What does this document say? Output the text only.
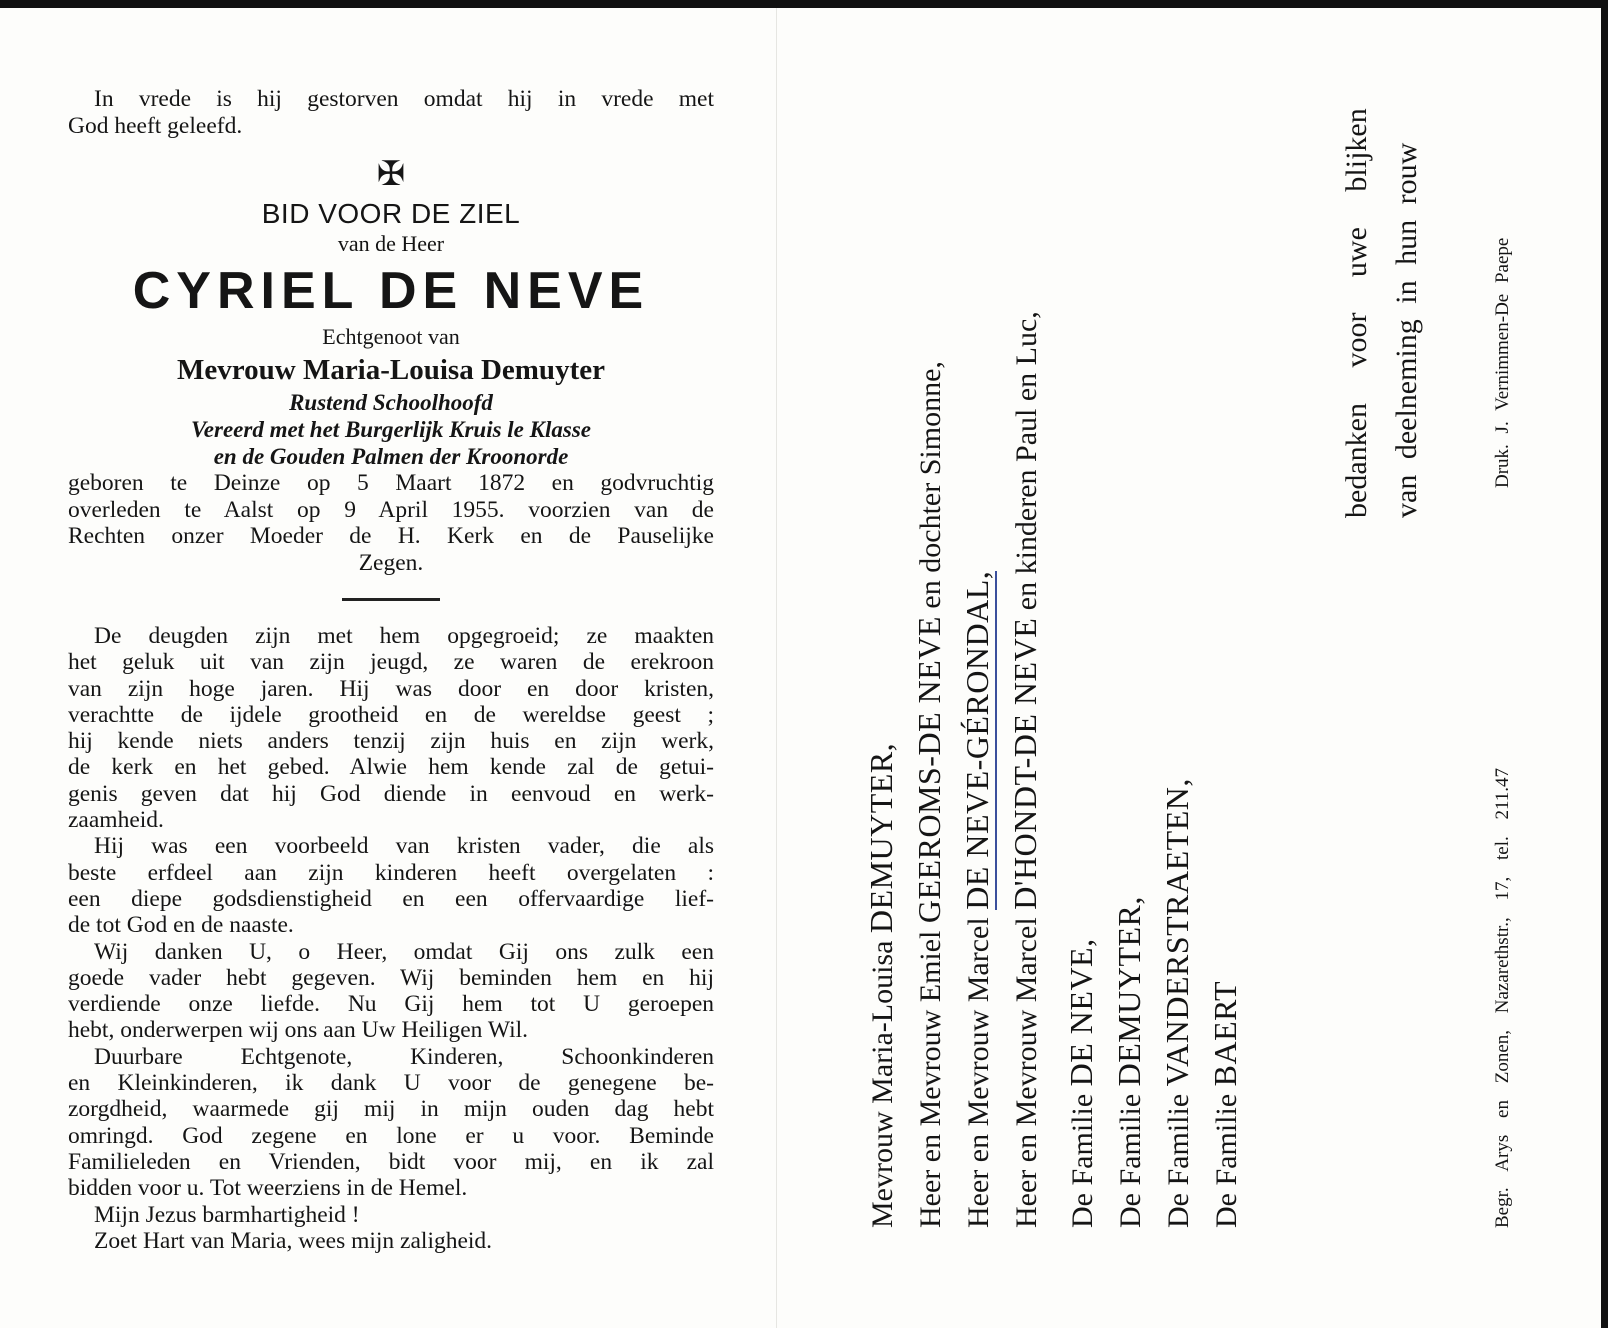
In vrede is hij gestorven omdat hij in vrede met
God heeft geleefd.
✠
BID VOOR DE ZIEL
van de Heer
CYRIEL DE NEVE
Echtgenoot van
Mevrouw Maria-Louisa Demuyter
Rustend Schoolhoofd
Vereerd met het Burgerlijk Kruis le Klasse
en de Gouden Palmen der Kroonorde
geboren te Deinze op 5 Maart 1872 en godvruchtig
overleden te Aalst op 9 April 1955. voorzien van de
Rechten onzer Moeder de H. Kerk en de Pauselijke
Zegen.
De deugden zijn met hem opgegroeid; ze maakten
het geluk uit van zijn jeugd, ze waren de erekroon
van zijn hoge jaren. Hij was door en door kristen,
verachtte de ijdele grootheid en de wereldse geest ;
hij kende niets anders tenzij zijn huis en zijn werk,
de kerk en het gebed. Alwie hem kende zal de getui-
genis geven dat hij God diende in eenvoud en werk-
zaamheid.
Hij was een voorbeeld van kristen vader, die als
beste erfdeel aan zijn kinderen heeft overgelaten :
een diepe godsdienstigheid en een offervaardige lief-
de tot God en de naaste.
Wij danken U, o Heer, omdat Gij ons zulk een
goede vader hebt gegeven. Wij beminden hem en hij
verdiende onze liefde. Nu Gij hem tot U geroepen
hebt, onderwerpen wij ons aan Uw Heiligen Wil.
Duurbare Echtgenote, Kinderen, Schoonkinderen
en Kleinkinderen, ik dank U voor de genegene be-
zorgdheid, waarmede gij mij in mijn ouden dag hebt
omringd. God zegene en lone er u voor. Beminde
Familieleden en Vrienden, bidt voor mij, en ik zal
bidden voor u. Tot weerziens in de Hemel.
Mijn Jezus barmhartigheid !
Zoet Hart van Maria, wees mijn zaligheid.
Mevrouw Maria-Louisa DEMUYTER,
Heer en Mevrouw Emiel GEEROMS-DE NEVE en dochter Simonne,
Heer en Mevrouw Marcel DE NEVE-GÉRONDAL,
Heer en Mevrouw Marcel D'HONDT-DE NEVE en kinderen Paul en Luc,
De Familie DE NEVE,
De Familie DEMUYTER,
De Familie VANDERSTRAETEN,
De Familie BAERT
bedanken voor uwe blijken van deelneming in hun rouw
Begr. Arys en Zonen, Nazarethstr., 17, tel. 211.47
Druk. J. Vernimmen-De Paepe
